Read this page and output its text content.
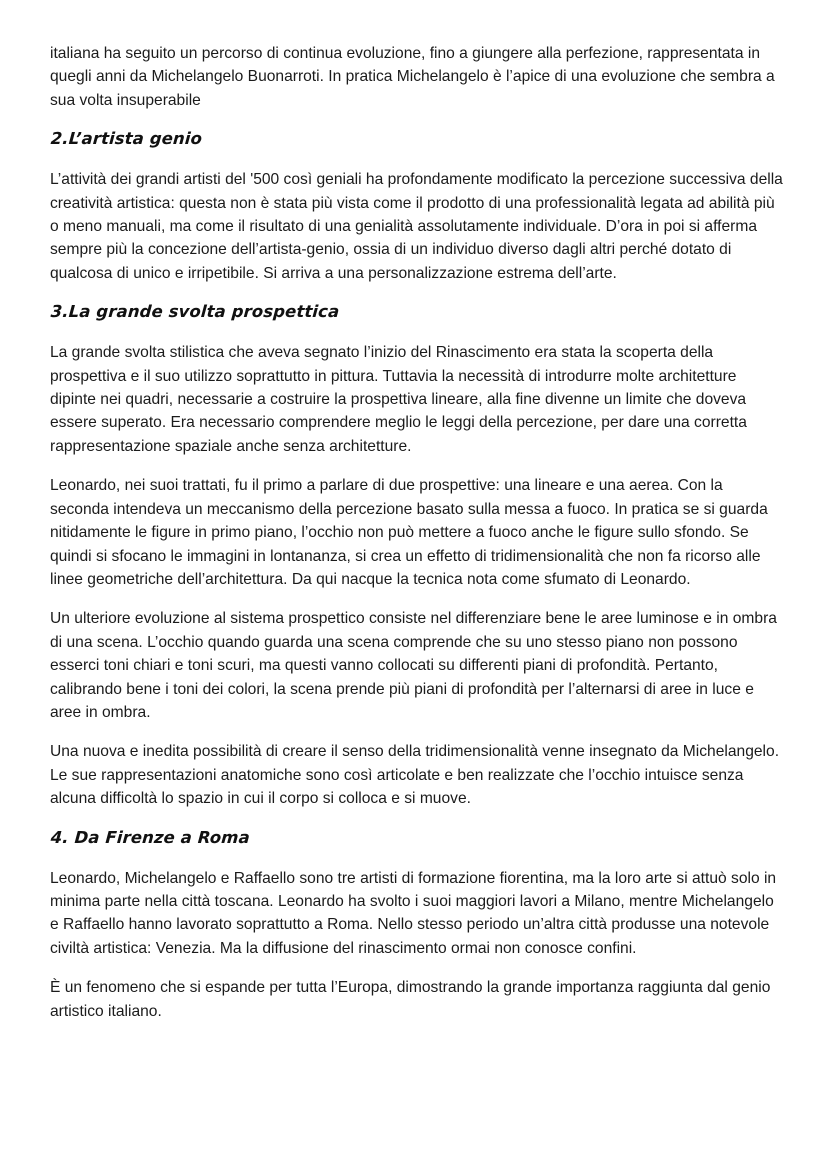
italiana ha seguito un percorso di continua evoluzione, fino a giungere alla perfezione, rappresentata in quegli anni da Michelangelo Buonarroti. In pratica Michelangelo è l’apice di una evoluzione che sembra a sua volta insuperabile

2.L’artista genio

L’attività dei grandi artisti del '500 così geniali ha profondamente modificato la percezione successiva della creatività artistica: questa non è stata più vista come il prodotto di una professionalità legata ad abilità più o meno manuali, ma come il risultato di una genialità assolutamente individuale. D’ora in poi si afferma sempre più la concezione dell’artista-genio, ossia di un individuo diverso dagli altri perché dotato di qualcosa di unico e irripetibile. Si arriva a una personalizzazione estrema dell’arte.

3.La grande svolta prospettica

La grande svolta stilistica che aveva segnato l’inizio del Rinascimento era stata la scoperta della prospettiva e il suo utilizzo soprattutto in pittura. Tuttavia la necessità di introdurre molte architetture dipinte nei quadri, necessarie a costruire la prospettiva lineare, alla fine divenne un limite che doveva essere superato. Era necessario comprendere meglio le leggi della percezione, per dare una corretta rappresentazione spaziale anche senza architetture.

Leonardo, nei suoi trattati, fu il primo a parlare di due prospettive: una lineare e una aerea. Con la seconda intendeva un meccanismo della percezione basato sulla messa a fuoco. In pratica se si guarda nitidamente le figure in primo piano, l’occhio non può mettere a fuoco anche le figure sullo sfondo. Se quindi si sfocano le immagini in lontananza, si crea un effetto di tridimensionalità che non fa ricorso alle linee geometriche dell’architettura. Da qui nacque la tecnica nota come sfumato di Leonardo.

Un ulteriore evoluzione al sistema prospettico consiste nel differenziare bene le aree luminose e in ombra di una scena. L’occhio quando guarda una scena comprende che su uno stesso piano non possono esserci toni chiari e toni scuri, ma questi vanno collocati su differenti piani di profondità. Pertanto, calibrando bene i toni dei colori, la scena prende più piani di profondità per l’alternarsi di aree in luce e aree in ombra.

Una nuova e inedita possibilità di creare il senso della tridimensionalità venne insegnato da Michelangelo. Le sue rappresentazioni anatomiche sono così articolate e ben realizzate che l’occhio intuisce senza alcuna difficoltà lo spazio in cui il corpo si colloca e si muove.

4. Da Firenze a Roma

Leonardo, Michelangelo e Raffaello sono tre artisti di formazione fiorentina, ma la loro arte si attuò solo in minima parte nella città toscana. Leonardo ha svolto i suoi maggiori lavori a Milano, mentre Michelangelo e Raffaello hanno lavorato soprattutto a Roma. Nello stesso periodo un’altra città produsse una notevole civiltà artistica: Venezia. Ma la diffusione del rinascimento ormai non conosce confini.

È un fenomeno che si espande per tutta l’Europa, dimostrando la grande importanza raggiunta dal genio artistico italiano.
